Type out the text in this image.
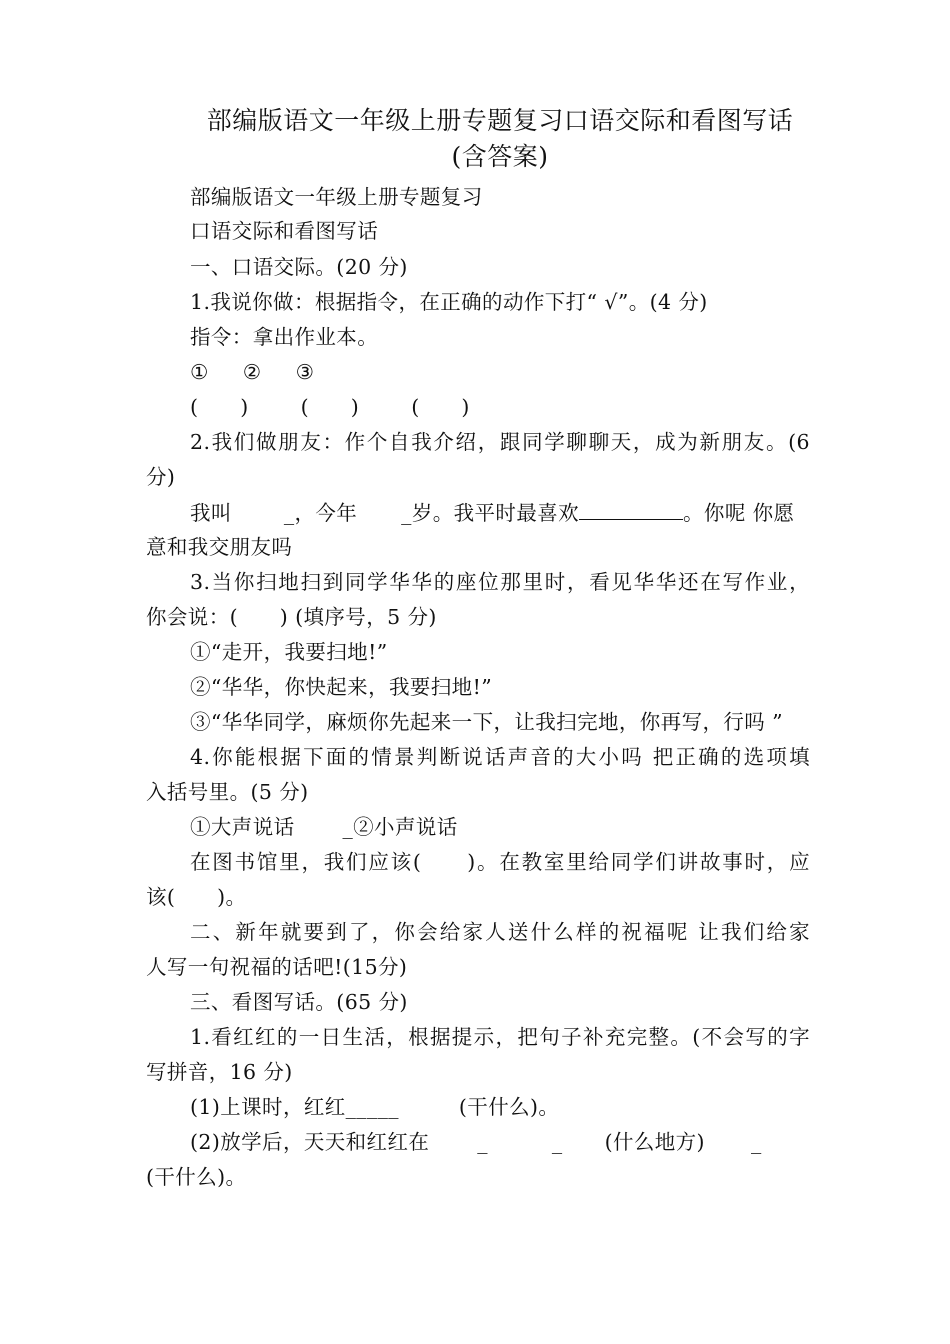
部编版语文一年级上册专题复习口语交际和看图写话
(含答案)
部编版语文一年级上册专题复习
口语交际和看图写话
一、口语交际。(20 分)
1.我说你做：根据指令，在正确的动作下打“ √”。(4 分)
指令：拿出作业本。
① ② ③
(　　)	(　　)	(　　)
2.我们做朋友：作个自我介绍，跟同学聊聊天，成为新朋友。(6
分)
我叫	_，今年 _岁。我平时最喜欢	。你呢 你愿
意和我交朋友吗
3.当你扫地扫到同学华华的座位那里时，看见华华还在写作业，
你会说：(　　) (填序号，5 分)
①“走开，我要扫地!”
②“华华，你快起来，我要扫地!”
③“华华同学，麻烦你先起来一下，让我扫完地，你再写，行吗 ”
4.你能根据下面的情景判断说话声音的大小吗 把正确的选项填
入括号里。(5 分)
①大声说话 _②小声说话
在图书馆里，我们应该(　　)。在教室里给同学们讲故事时，应
该(　　)。
二、新年就要到了，你会给家人送什么样的祝福呢 让我们给家
人写一句祝福的话吧!(15分)
三、看图写话。(65 分)
1.看红红的一日生活，根据提示，把句子补充完整。(不会写的字
写拼音，16 分)
(1)上课时，红红_____	(干什么)。
(2)放学后，天天和红红在 _	_ (什么地方) _
(干什么)。
